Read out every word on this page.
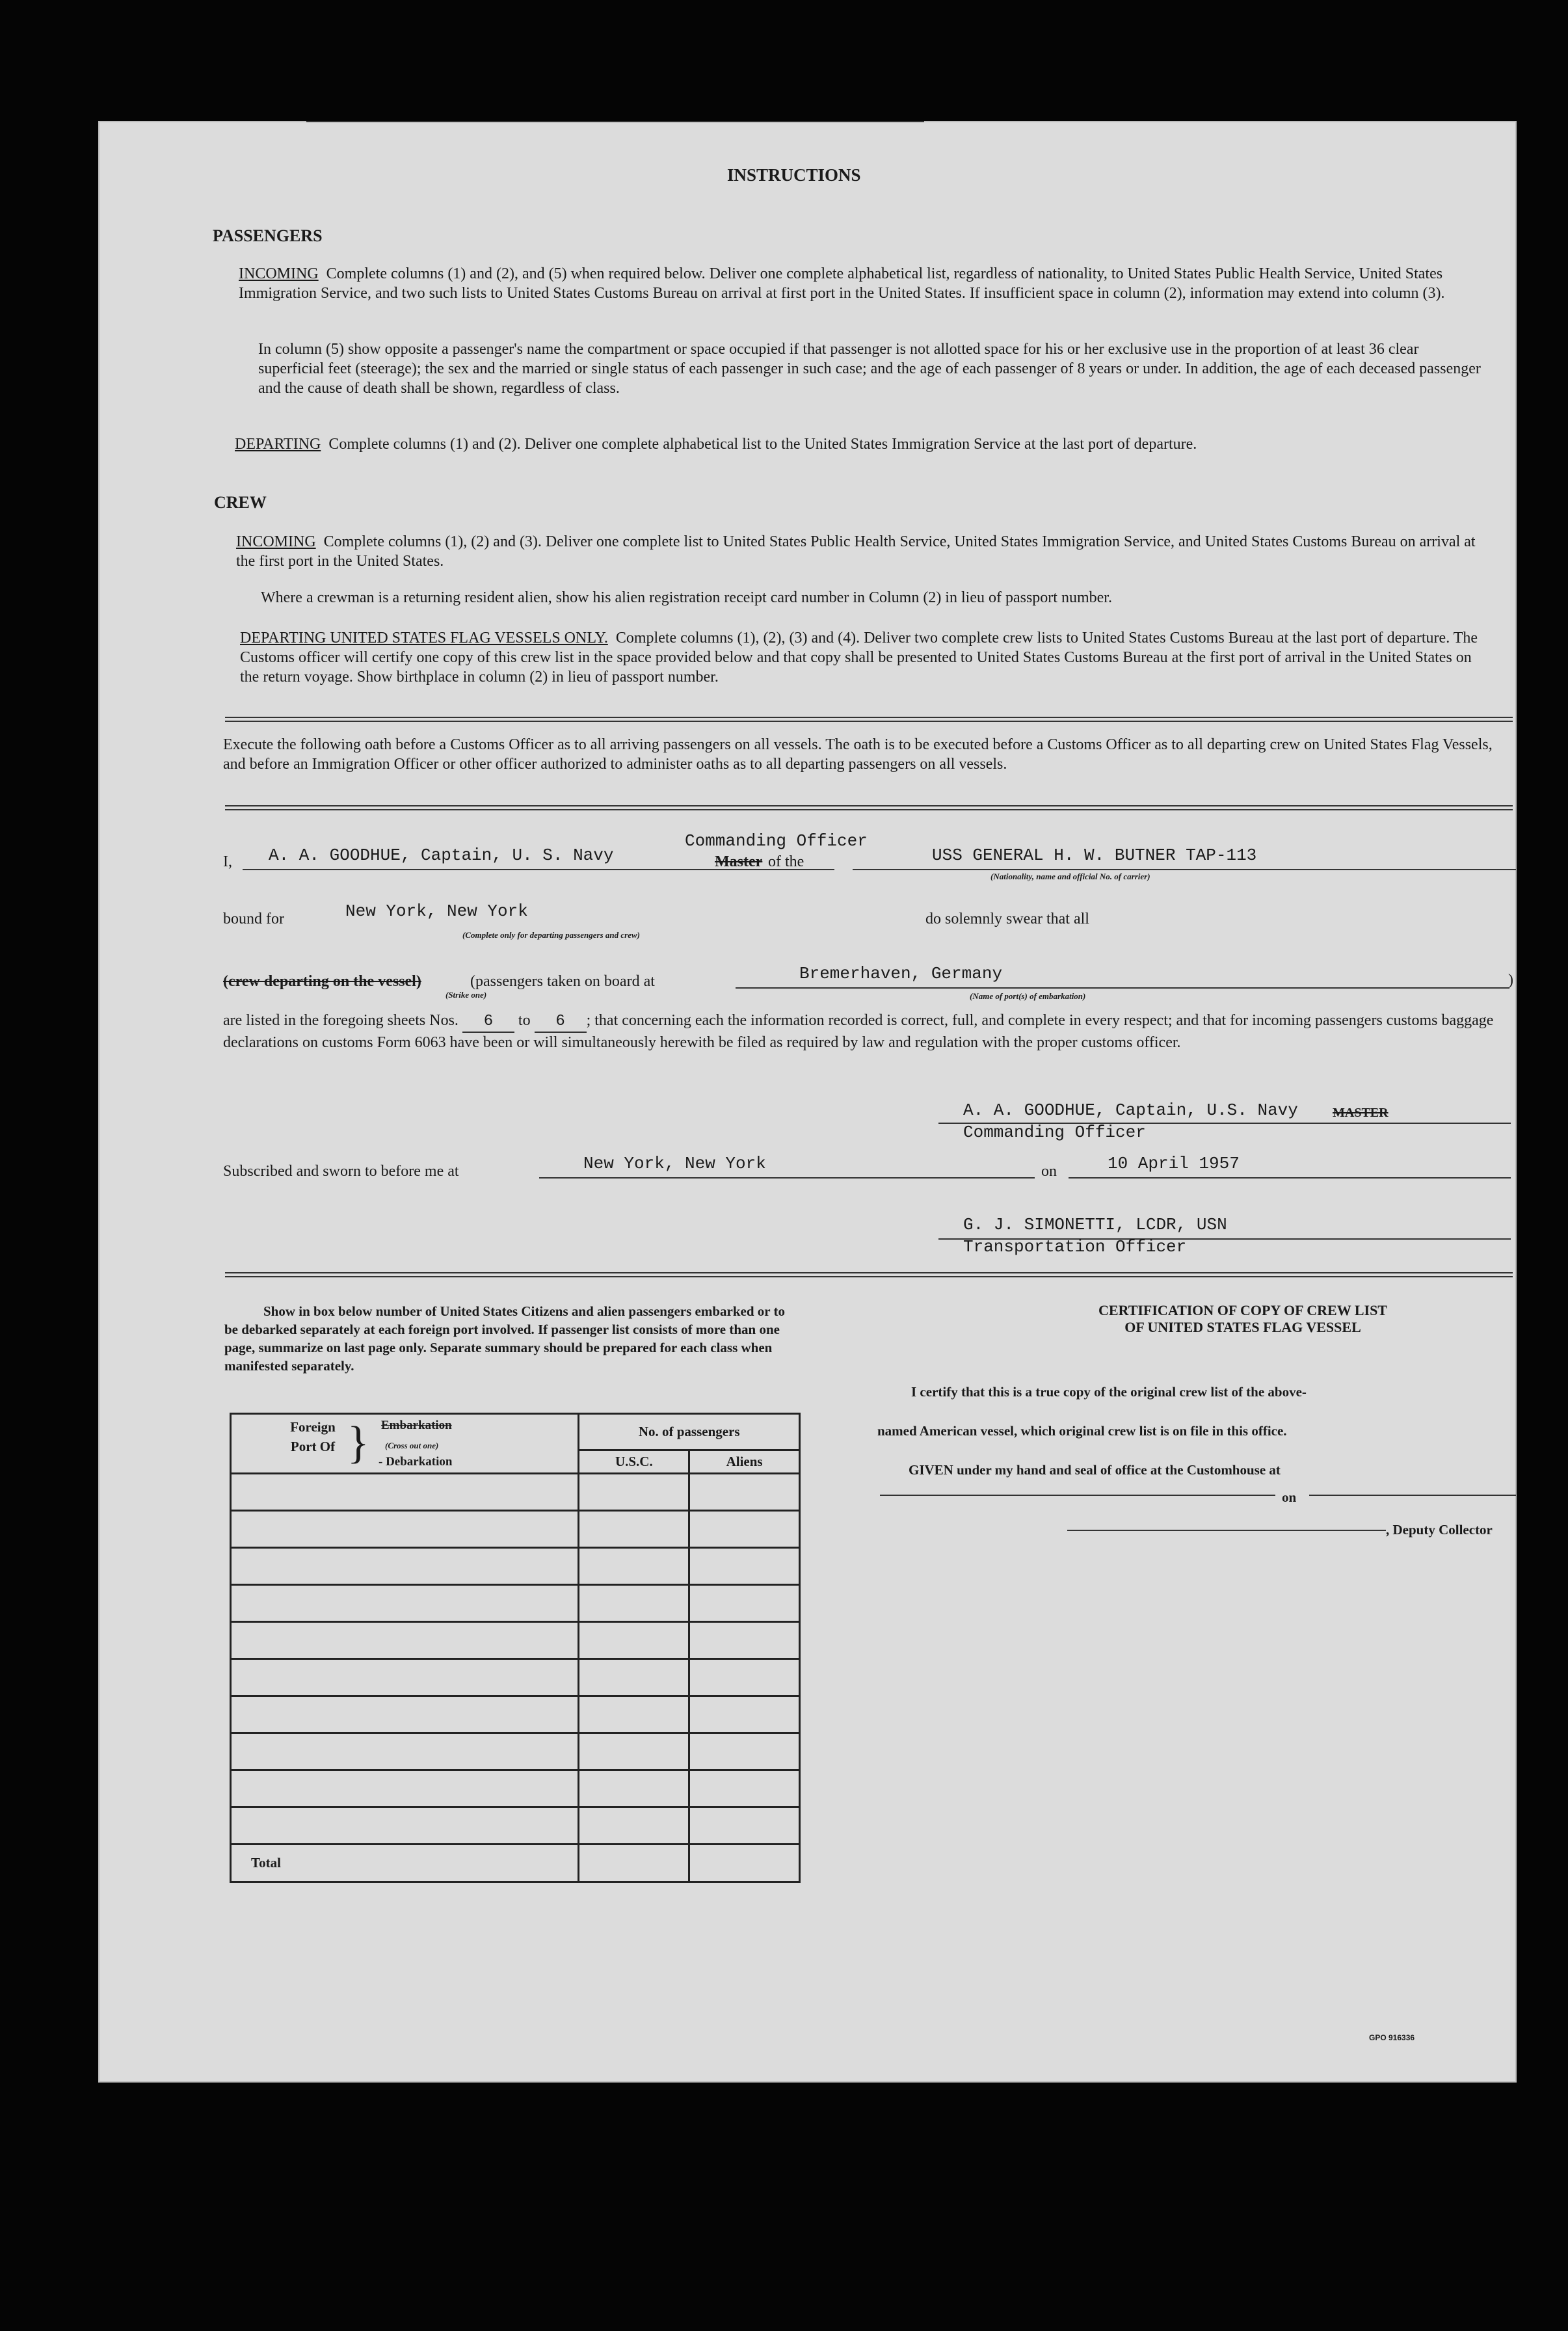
INSTRUCTIONS
PASSENGERS
INCOMING Complete columns (1) and (2), and (5) when required below. Deliver one complete alphabetical list, regardless of nationality, to United States Public Health Service, United States Immigration Service, and two such lists to United States Customs Bureau on arrival at first port in the United States. If insufficient space in column (2), information may extend into column (3).
In column (5) show opposite a passenger's name the compartment or space occupied if that passenger is not allotted space for his or her exclusive use in the proportion of at least 36 clear superficial feet (steerage); the sex and the married or single status of each passenger in such case; and the age of each passenger of 8 years or under. In addition, the age of each deceased passenger and the cause of death shall be shown, regardless of class.
DEPARTING Complete columns (1) and (2). Deliver one complete alphabetical list to the United States Immigration Service at the last port of departure.
CREW
INCOMING Complete columns (1), (2) and (3). Deliver one complete list to United States Public Health Service, United States Immigration Service, and United States Customs Bureau on arrival at the first port in the United States.
Where a crewman is a returning resident alien, show his alien registration receipt card number in Column (2) in lieu of passport number.
DEPARTING UNITED STATES FLAG VESSELS ONLY. Complete columns (1), (2), (3) and (4). Deliver two complete crew lists to United States Customs Bureau at the last port of departure. The Customs officer will certify one copy of this crew list in the space provided below and that copy shall be presented to United States Customs Bureau at the first port of arrival in the United States on the return voyage. Show birthplace in column (2) in lieu of passport number.
Execute the following oath before a Customs Officer as to all arriving passengers on all vessels. The oath is to be executed before a Customs Officer as to all departing crew on United States Flag Vessels, and before an Immigration Officer or other officer authorized to administer oaths as to all departing passengers on all vessels.
I, A. A. GOODHUE, Captain, U. S. Navy
Commanding Officer
Master of the	USS GENERAL H. W. BUTNER TAP-113
(Nationality, name and official No. of carrier)
bound for	New York, New York
(Complete only for departing passengers and crew)
do solemnly swear that all
(crew departing on the vessel)
(Strike one)
(passengers taken on board at	Bremerhaven, Germany
(Name of port(s) of embarkation)
)
are listed in the foregoing sheets Nos. 6 to 6 ; that concerning each the information recorded is correct, full, and complete in every respect; and that for incoming passengers customs baggage declarations on customs Form 6063 have been or will simultaneously herewith be filed as required by law and regulation with the proper customs officer.
A. A. GOODHUE, Captain, U.S. Navy	MASTER
Commanding Officer
Subscribed and sworn to before me at	New York, New York	on	10 April 1957
G. J. SIMONETTI, LCDR, USN
Transportation Officer
Show in box below number of United States Citizens and alien passengers embarked or to be debarked separately at each foreign port involved. If passenger list consists of more than one page, summarize on last page only. Separate summary should be prepared for each class when manifested separately.
Foreign Port Of } Embarkation
(Cross out one)
- Debarkation	No. of passengers	
	U.S.C.	Aliens

Total		
CERTIFICATION OF COPY OF CREW LIST
OF UNITED STATES FLAG VESSEL
I certify that this is a true copy of the original crew list of the above-
named American vessel, which original crew list is on file in this office.
GIVEN under my hand and seal of office at the Customhouse at
on
, Deputy Collector
GPO 916336
